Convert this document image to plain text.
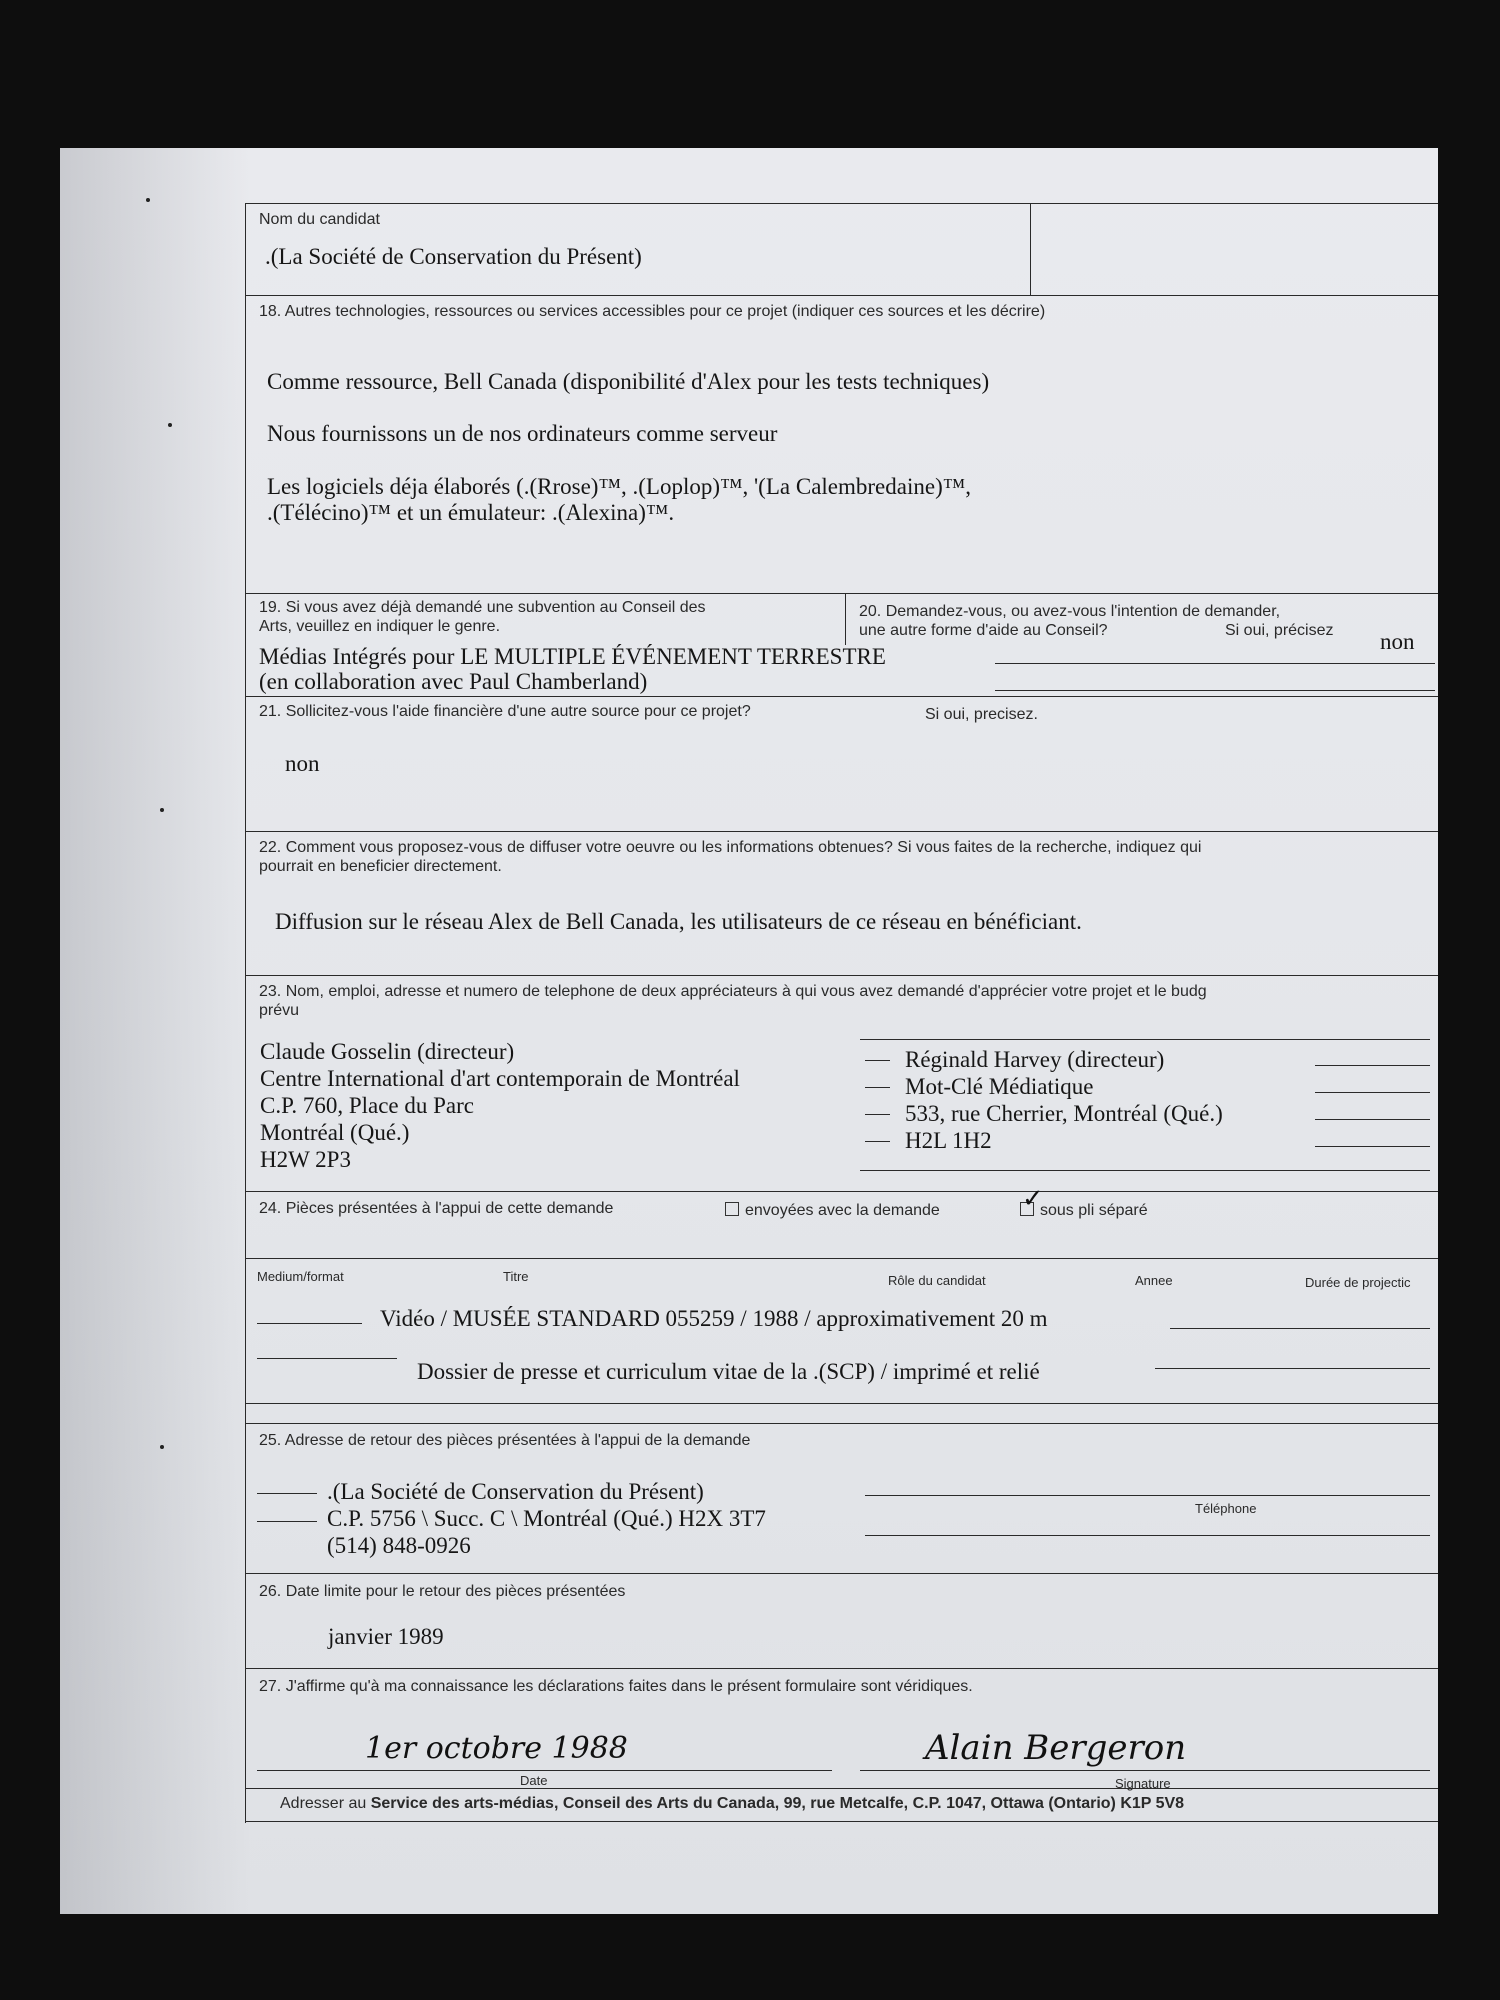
Nom du candidat
.(La Société de Conservation du Présent)
18. Autres technologies, ressources ou services accessibles pour ce projet (indiquer ces sources et les décrire)
Comme ressource, Bell Canada (disponibilité d'Alex pour les tests techniques)
Nous fournissons un de nos ordinateurs comme serveur
Les logiciels déja élaborés (.(Rrose)™, .(Loplop)™, '(La Calembredaine)™,
.(Télécino)™ et un émulateur: .(Alexina)™.
19. Si vous avez déjà demandé une subvention au Conseil des
Arts, veuillez en indiquer le genre.
Médias Intégrés pour LE MULTIPLE ÉVÉNEMENT TERRESTRE
(en collaboration avec Paul Chamberland)
20. Demandez-vous, ou avez-vous l'intention de demander,
une autre forme d'aide au Conseil?	Si oui, précisez non
21. Sollicitez-vous l'aide financière d'une autre source pour ce projet?	Si oui, precisez.
non
22. Comment vous proposez-vous de diffuser votre oeuvre ou les informations obtenues? Si vous faites de la recherche, indiquez qui
pourrait en beneficier directement.
Diffusion sur le réseau Alex de Bell Canada, les utilisateurs de ce réseau en bénéficiant.
23. Nom, emploi, adresse et numero de telephone de deux appréciateurs à qui vous avez demandé d'apprécier votre projet et le budg
prévu
Claude Gosselin (directeur)
Centre International d'art contemporain de Montréal
C.P. 760, Place du Parc
Montréal (Qué.)
H2W 2P3
Réginald Harvey (directeur)
Mot-Clé Médiatique
533, rue Cherrier, Montréal (Qué.)
H2L 1H2
24. Pièces présentées à l'appui de cette demande	envoyées avec la demande	✓
sous pli séparé
Medium/format	Titre	Rôle du candidat	Annee	Durée de projectic
Vidéo / MUSÉE STANDARD 055259 / 1988 / approximativement 20 m
Dossier de presse et curriculum vitae de la .(SCP) / imprimé et relié
25. Adresse de retour des pièces présentées à l'appui de la demande
.(La Société de Conservation du Présent)
C.P. 5756 \ Succ. C \ Montréal (Qué.) H2X 3T7
(514) 848-0926
Téléphone
26. Date limite pour le retour des pièces présentées
janvier 1989
27. J'affirme qu'à ma connaissance les déclarations faites dans le présent formulaire sont véridiques.
1er octobre 1988
Date
Alain Bergeron
Signature
Adresser au Service des arts-médias, Conseil des Arts du Canada, 99, rue Metcalfe, C.P. 1047, Ottawa (Ontario) K1P 5V8
